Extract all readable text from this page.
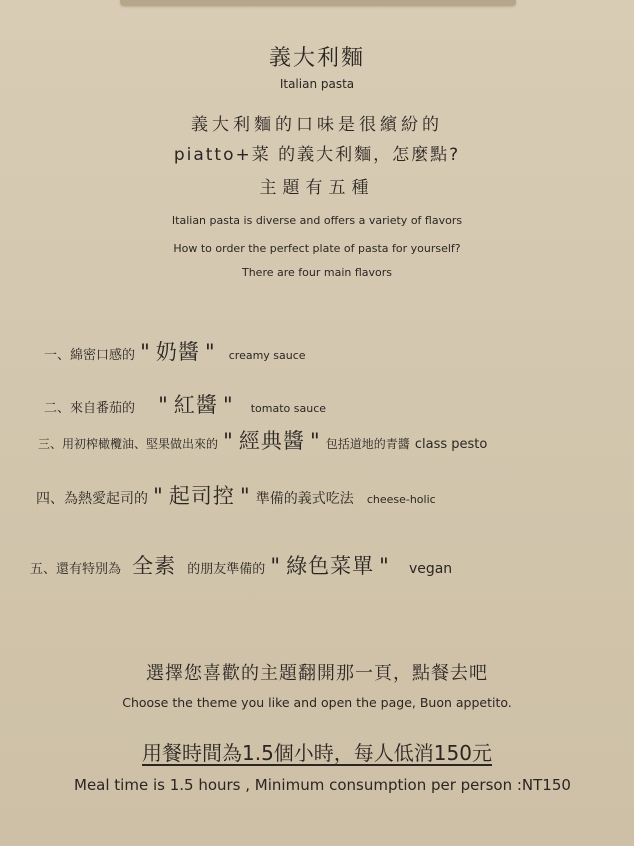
義大利麵
Italian pasta
義大利麵的口味是很繽紛的
piatto+菜 的義大利麵，怎麼點?
主題有五種
Italian pasta is diverse and offers a variety of flavors
How to order the perfect plate of pasta for yourself?
There are four main flavors
一、綿密口感的 " 奶醬 " creamy sauce
二、來自番茄的 " 紅醬 " tomato sauce
三、用初榨橄欖油、堅果做出來的 " 經典醬 " 包括道地的青醬 class pesto
四、為熱愛起司的 " 起司控 " 準備的義式吃法 cheese-holic
五、還有特別為 全素 的朋友準備的 " 綠色菜單 " vegan
選擇您喜歡的主題翻開那一頁，點餐去吧
Choose the theme you like and open the page, Buon appetito.
用餐時間為1.5個小時，每人低消150元
Meal time is 1.5 hours , Minimum consumption per person :NT150
